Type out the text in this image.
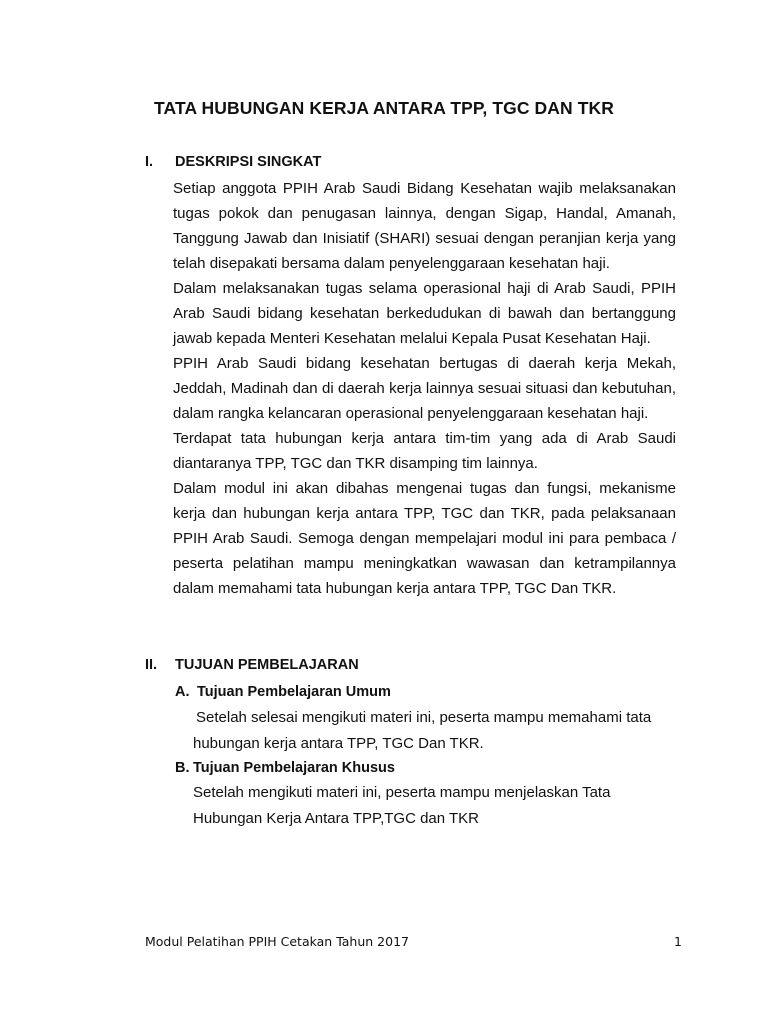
TATA HUBUNGAN KERJA ANTARA TPP, TGC DAN TKR
I. DESKRIPSI SINGKAT

Setiap anggota PPIH Arab Saudi Bidang Kesehatan wajib melaksanakan tugas pokok dan penugasan lainnya, dengan Sigap, Handal, Amanah, Tanggung Jawab dan Inisiatif (SHARI) sesuai dengan peranjian kerja yang telah disepakati bersama dalam penyelenggaraan kesehatan haji.

Dalam melaksanakan tugas selama operasional haji di Arab Saudi, PPIH Arab Saudi bidang kesehatan berkedudukan di bawah dan bertanggung jawab kepada Menteri Kesehatan melalui Kepala Pusat Kesehatan Haji.

PPIH Arab Saudi bidang kesehatan bertugas di daerah kerja Mekah, Jeddah, Madinah dan di daerah kerja lainnya sesuai situasi dan kebutuhan, dalam rangka kelancaran operasional penyelenggaraan kesehatan haji.

Terdapat tata hubungan kerja antara tim-tim yang ada di Arab Saudi diantaranya TPP, TGC dan TKR disamping tim lainnya.

Dalam modul ini akan dibahas mengenai tugas dan fungsi, mekanisme kerja dan hubungan kerja antara TPP, TGC dan TKR, pada pelaksanaan PPIH Arab Saudi. Semoga dengan mempelajari modul ini para pembaca / peserta pelatihan mampu meningkatkan wawasan dan ketrampilannya dalam memahami tata hubungan kerja antara TPP, TGC Dan TKR.

II. TUJUAN PEMBELAJARAN
A. Tujuan Pembelajaran Umum

Setelah selesai mengikuti materi ini, peserta mampu memahami tata

hubungan kerja antara TPP, TGC Dan TKR.

B. Tujuan Pembelajaran Khusus

Setelah mengikuti materi ini, peserta mampu menjelaskan Tata

Hubungan Kerja Antara TPP,TGC dan TKR

Modul Pelatihan PPIH Cetakan Tahun 2017	1
